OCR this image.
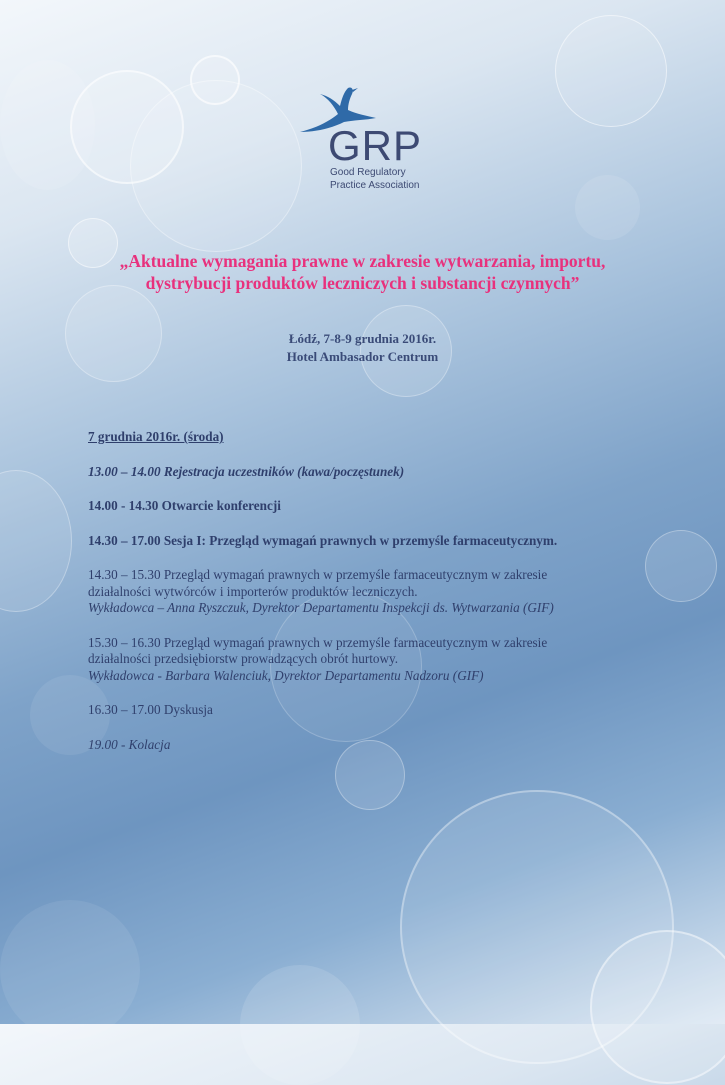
GRP
Good Regulatory
Practice Association
„Aktualne wymagania prawne w zakresie wytwarzania, importu,
dystrybucji produktów leczniczych i substancji czynnych”
Łódź, 7-8-9 grudnia 2016r.
Hotel Ambasador Centrum

7 grudnia 2016r. (środa)

13.00 – 14.00 Rejestracja uczestników (kawa/poczęstunek)

14.00 - 14.30 Otwarcie konferencji

14.30 – 17.00 Sesja I: Przegląd wymagań prawnych w przemyśle farmaceutycznym.

14.30 – 15.30 Przegląd wymagań prawnych w przemyśle farmaceutycznym w zakresie

działalności wytwórców i importerów produktów leczniczych.

Wykładowca – Anna Ryszczuk, Dyrektor Departamentu Inspekcji ds. Wytwarzania (GIF)

15.30 – 16.30 Przegląd wymagań prawnych w przemyśle farmaceutycznym w zakresie

działalności przedsiębiorstw prowadzących obrót hurtowy.

Wykładowca - Barbara Walenciuk, Dyrektor Departamentu Nadzoru (GIF)

16.30 – 17.00 Dyskusja

19.00 - Kolacja
